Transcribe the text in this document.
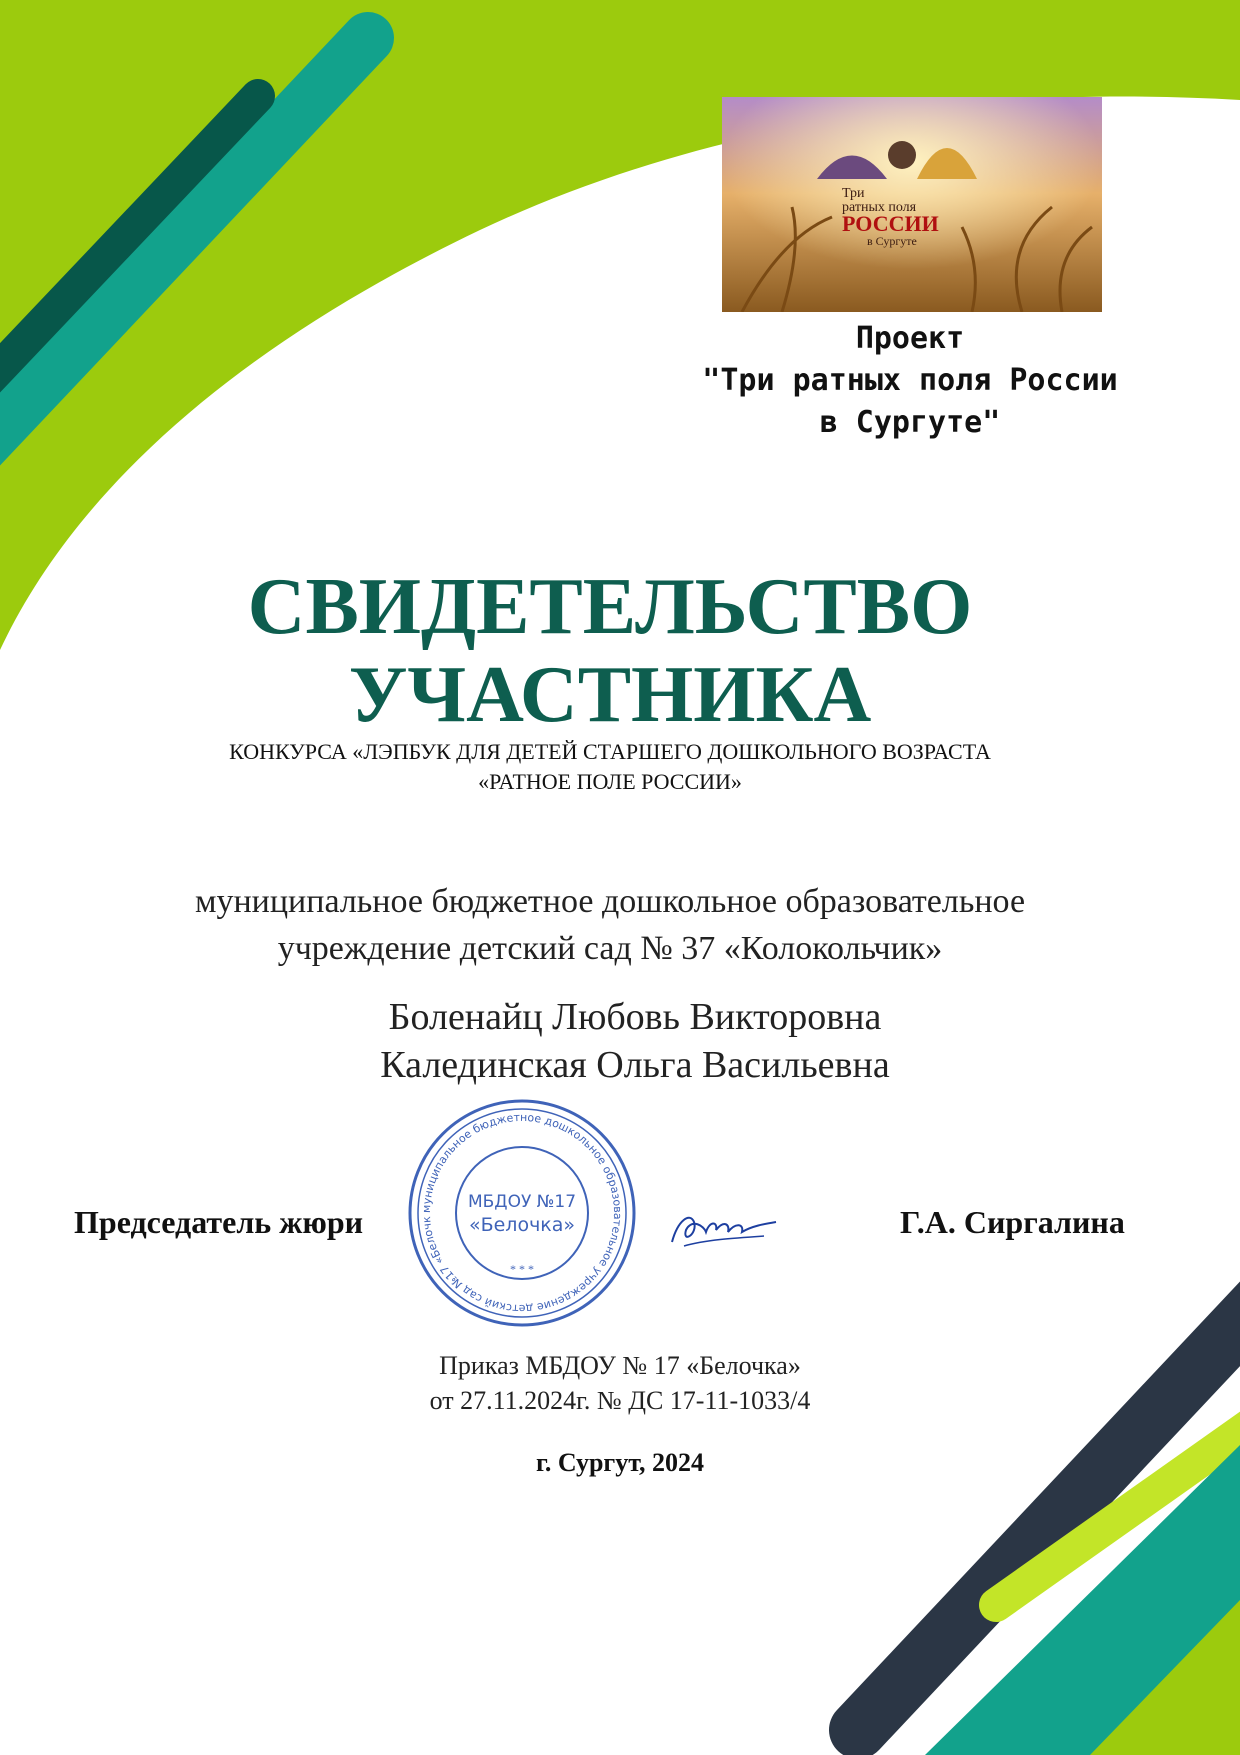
Три
ратных поля
РОССИИ
в Сургуте
Проект
"Три ратных поля России
в Сургуте"
СВИДЕТЕЛЬСТВО
УЧАСТНИКА
КОНКУРСА «ЛЭПБУК ДЛЯ ДЕТЕЙ СТАРШЕГО ДОШКОЛЬНОГО ВОЗРАСТА
«РАТНОЕ ПОЛЕ РОССИИ»
муниципальное бюджетное дошкольное образовательное
учреждение детский сад № 37 «Колокольчик»
Боленайц Любовь Викторовна
Калединская Ольга Васильевна
Председатель жюри	муниципальное бюджетное дошкольное образовательное учреждение детский сад №17 «Белочк
МБДОУ №17
«Белочка»
* * *
Г.А. Сиргалина
Приказ МБДОУ № 17 «Белочка»
от 27.11.2024г. № ДС 17-11-1033/4
г. Сургут, 2024
